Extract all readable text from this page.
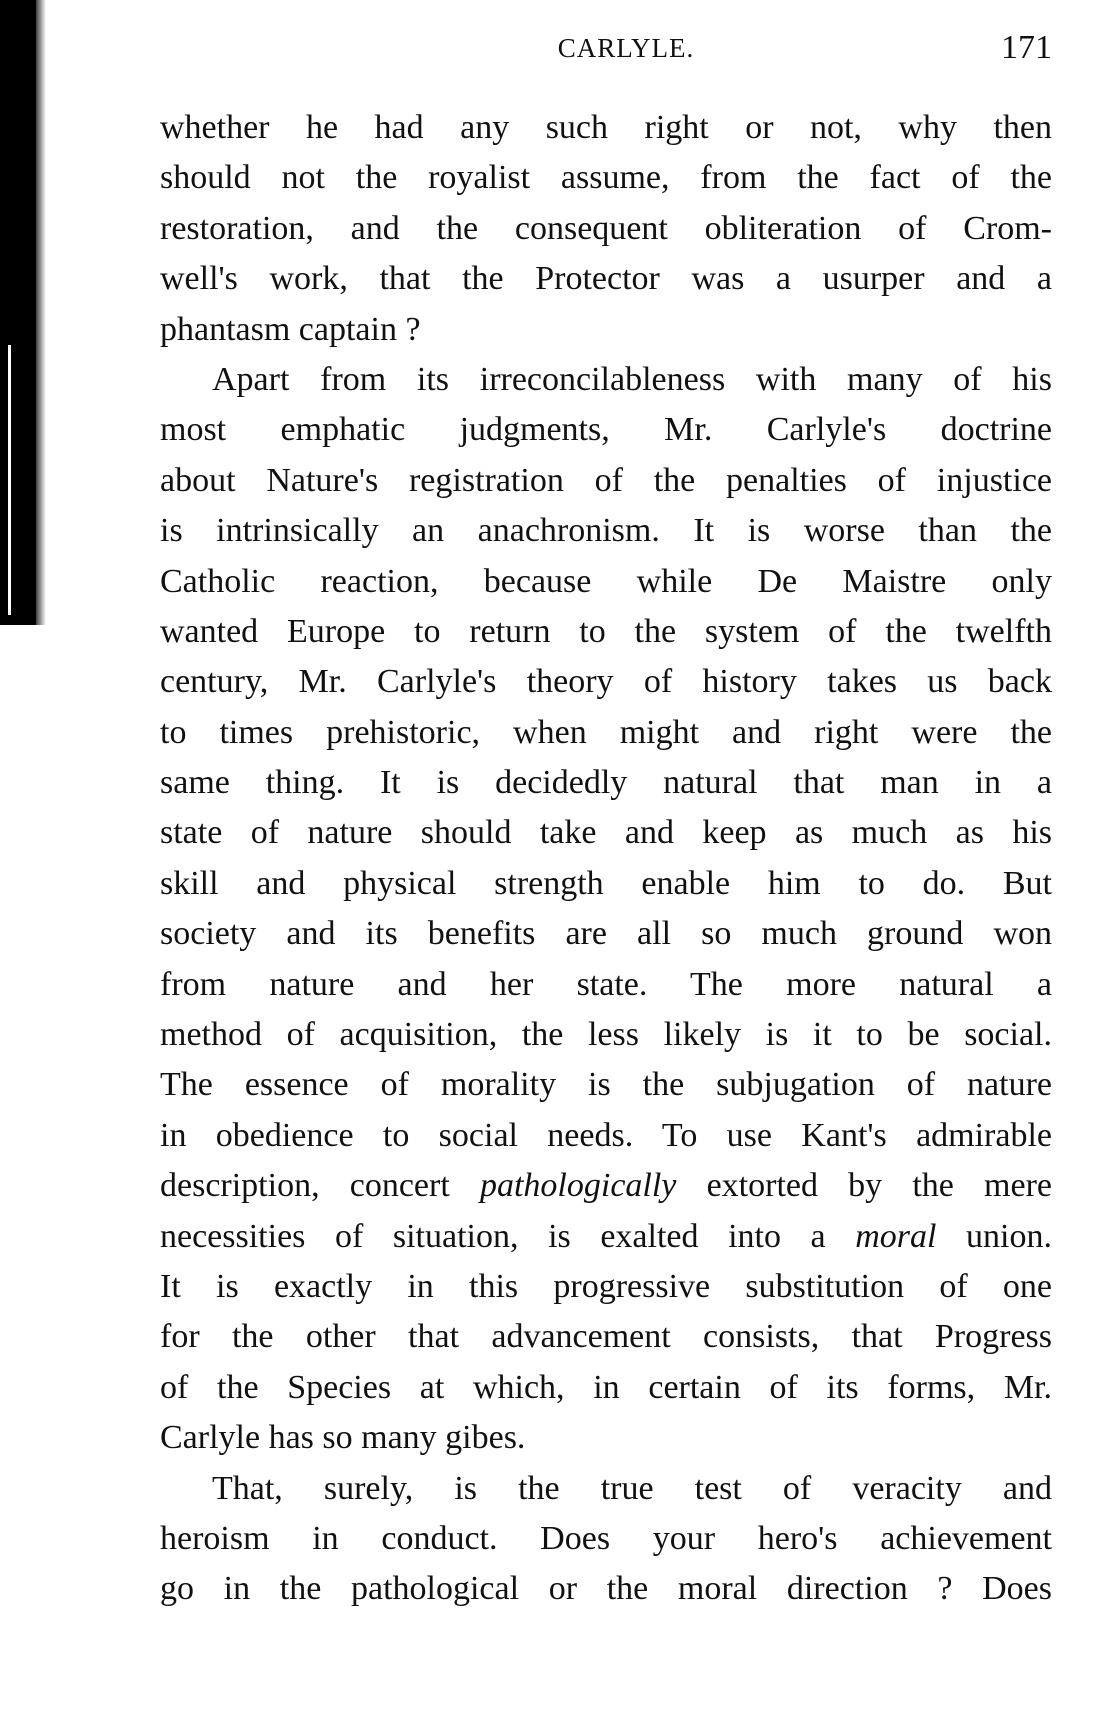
CARLYLE.	171
whether he had any such right or not, why then
should not the royalist assume, from the fact of the
restoration, and the consequent obliteration of Crom-
well's work, that the Protector was a usurper and a
phantasm captain ?
Apart from its irreconcilableness with many of his
most emphatic judgments, Mr. Carlyle's doctrine
about Nature's registration of the penalties of injustice
is intrinsically an anachronism. It is worse than the
Catholic reaction, because while De Maistre only
wanted Europe to return to the system of the twelfth
century, Mr. Carlyle's theory of history takes us back
to times prehistoric, when might and right were the
same thing. It is decidedly natural that man in a
state of nature should take and keep as much as his
skill and physical strength enable him to do. But
society and its benefits are all so much ground won
from nature and her state. The more natural a
method of acquisition, the less likely is it to be social.
The essence of morality is the subjugation of nature
in obedience to social needs. To use Kant's admirable
description, concert pathologically extorted by the mere
necessities of situation, is exalted into a moral union.
It is exactly in this progressive substitution of one
for the other that advancement consists, that Progress
of the Species at which, in certain of its forms, Mr.
Carlyle has so many gibes.
That, surely, is the true test of veracity and
heroism in conduct. Does your hero's achievement
go in the pathological or the moral direction ? Does
